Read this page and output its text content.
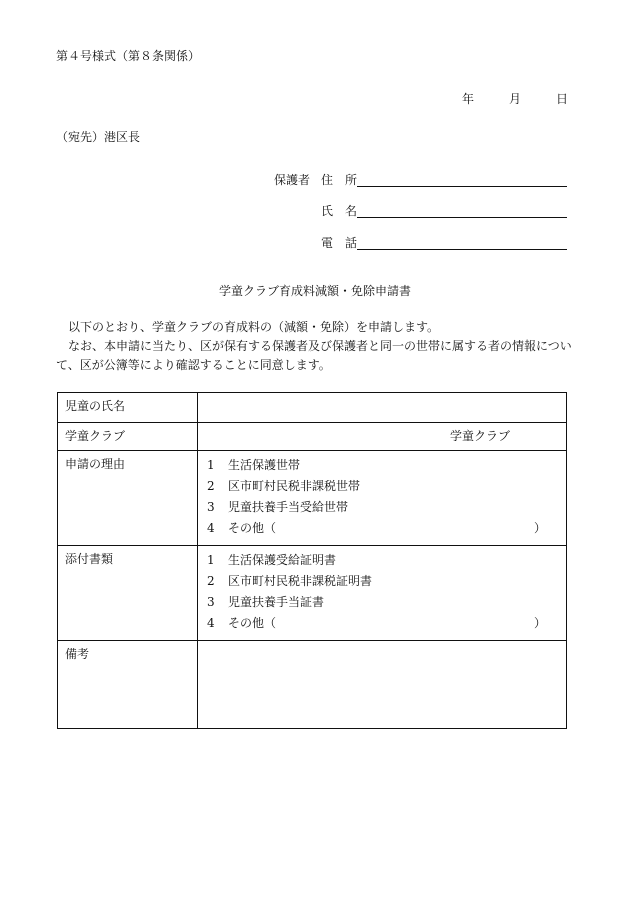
第４号様式（第８条関係）
年	月	日
（宛先）港区長
保護者 住　所
氏　名
電　話
学童クラブ育成料減額・免除申請書
以下のとおり、学童クラブの育成料の（減額・免除）を申請します。
なお、本申請に当たり、区が保有する保護者及び保護者と同一の世帯に属する者の情報について、区が公簿等により確認することに同意します。
児童の氏名	

学童クラブ	学童クラブ

申請の理由	1 生活保護世帯
2 区市町村民税非課税世帯
3 児童扶養手当受給世帯
4 その他（ ）

添付書類	1 生活保護受給証明書
2 区市町村民税非課税証明書
3 児童扶養手当証書
4 その他（ ）

備考	
